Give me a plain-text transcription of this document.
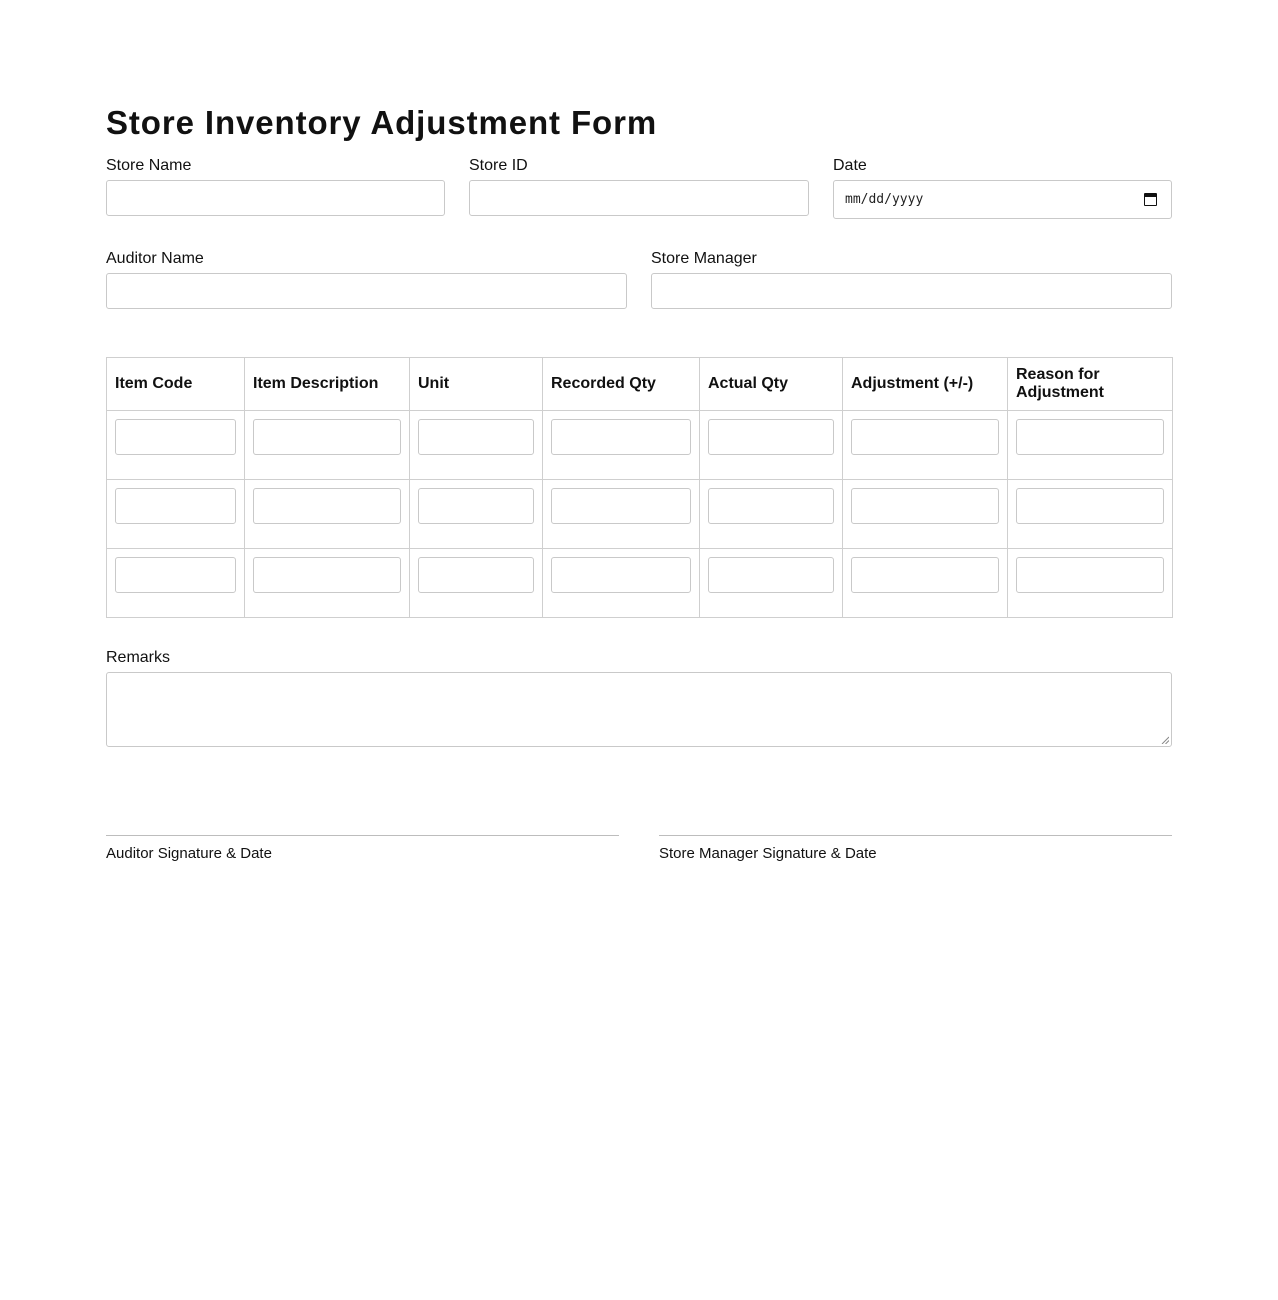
Store Inventory Adjustment Form
Store Name	Store ID	Date
mm/dd/yyyy
Auditor Name	Store Manager
Item Code	Item Description	Unit	Recorded Qty	Actual Qty	Adjustment (+/-)	Reason for Adjustment

Remarks
Auditor Signature & Date	Store Manager Signature & Date
